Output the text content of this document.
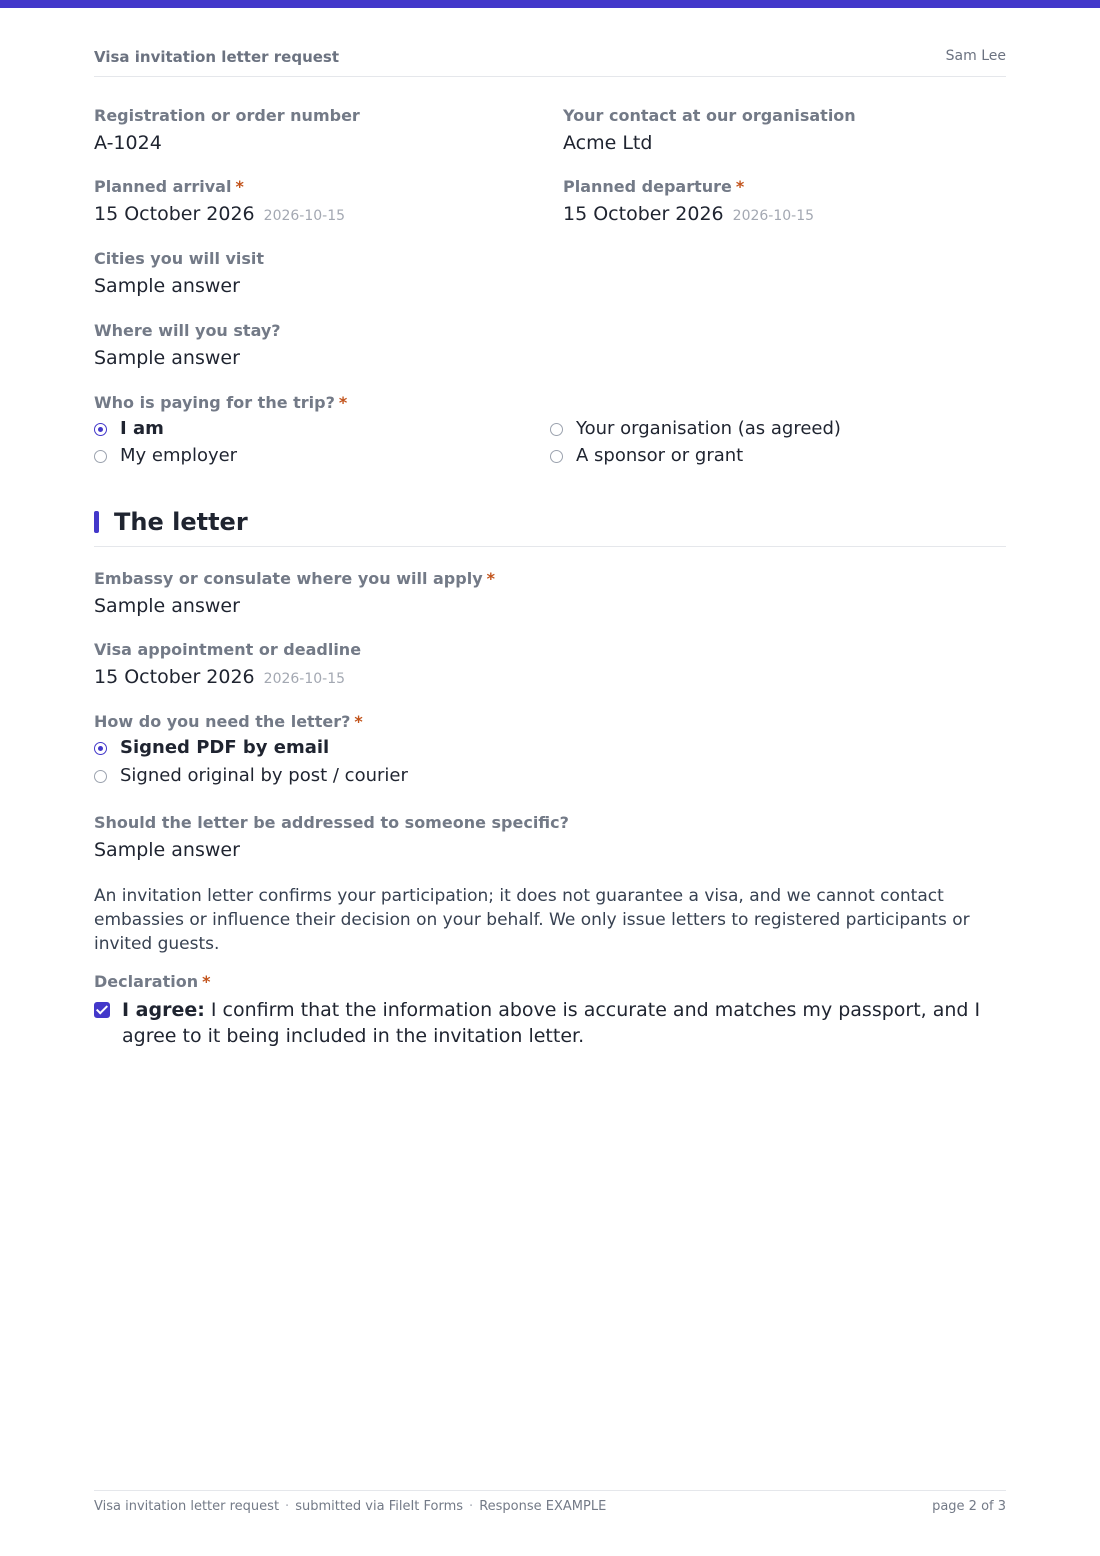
Visa invitation letter request	Sam Lee
Registration or order number
A-1024
Your contact at our organisation
Acme Ltd
Planned arrival *
15 October 2026 2026-10-15
Planned departure *
15 October 2026 2026-10-15
Cities you will visit
Sample answer
Where will you stay?
Sample answer
Who is paying for the trip? *
I am	Your organisation (as agreed)
My employer	A sponsor or grant
The letter
Embassy or consulate where you will apply *
Sample answer
Visa appointment or deadline
15 October 2026 2026-10-15
How do you need the letter? *
Signed PDF by email
Signed original by post / courier
Should the letter be addressed to someone specific?
Sample answer
An invitation letter confirms your participation; it does not guarantee a visa, and we cannot contact embassies or influence their decision on your behalf. We only issue letters to registered participants or invited guests.
Declaration *
I agree: I confirm that the information above is accurate and matches my passport, and I agree to it being included in the invitation letter.
Visa invitation letter request · submitted via FileIt Forms · Response EXAMPLE	page 2 of 3
